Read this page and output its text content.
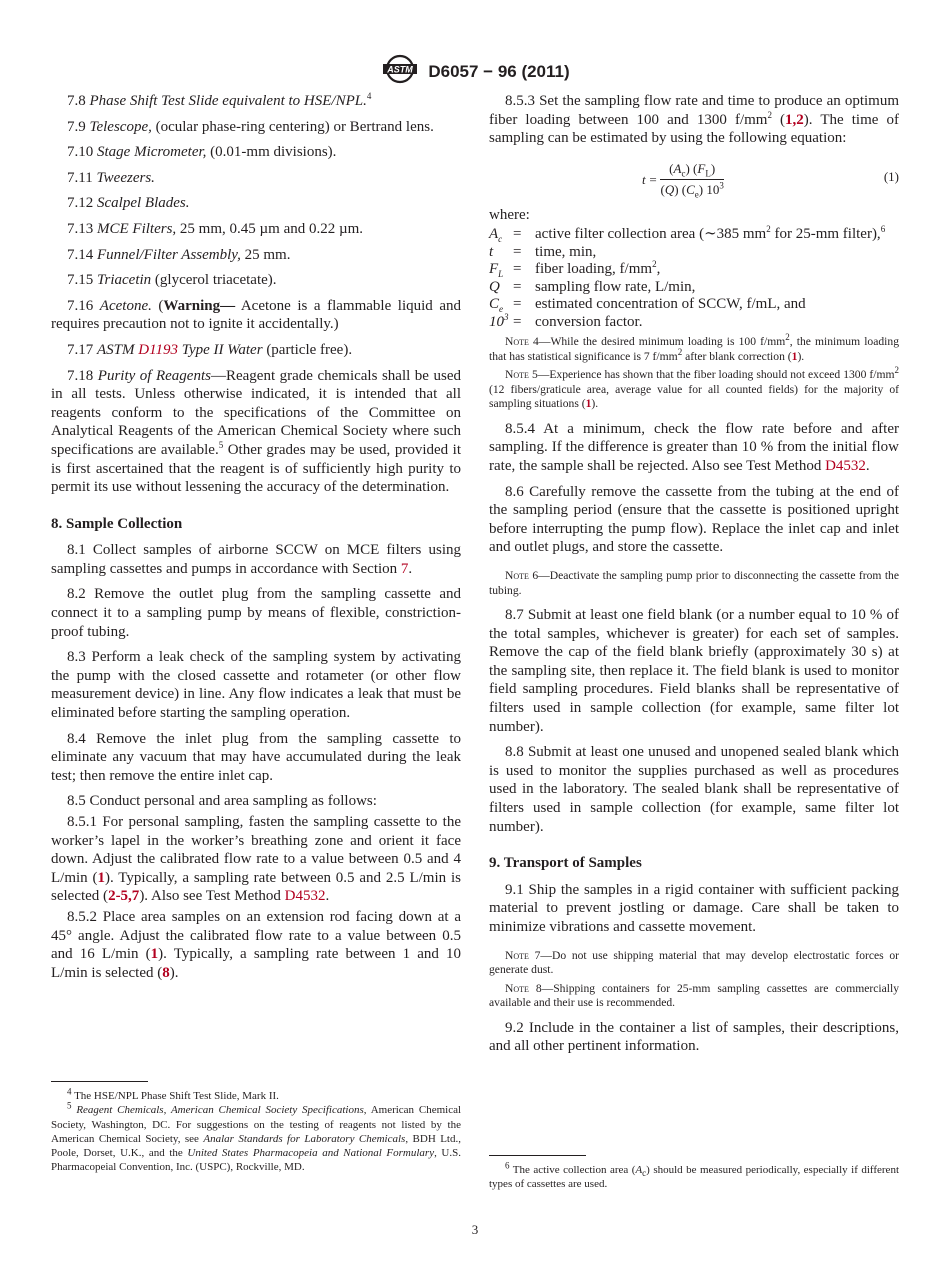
ASTM D6057 − 96 (2011)

7.8 Phase Shift Test Slide equivalent to HSE/NPL.$^4$

7.9 Telescope, (ocular phase-ring centering) or Bertrand lens.

7.10 Stage Micrometer, (0.01-mm divisions).

7.11 Tweezers.

7.12 Scalpel Blades.

7.13 MCE Filters, 25 mm, 0.45 µm and 0.22 µm.

7.14 Funnel/Filter Assembly, 25 mm.

7.15 Triacetin (glycerol triacetate).

7.16 Acetone. (Warning— Acetone is a flammable liquid and requires precaution not to ignite it accidentally.)

7.17 ASTM D1193 Type II Water (particle free).

7.18 Purity of Reagents—Reagent grade chemicals shall be used in all tests. Unless otherwise indicated, it is intended that all reagents conform to the specifications of the Committee on Analytical Reagents of the American Chemical Society where such specifications are available.$^5$ Other grades may be used, provided it is first ascertained that the reagent is of sufficiently high purity to permit its use without lessening the accuracy of the determination.

8. Sample Collection

8.1 Collect samples of airborne SCCW on MCE filters using sampling cassettes and pumps in accordance with Section 7.

8.2 Remove the outlet plug from the sampling cassette and connect it to a sampling pump by means of flexible, constriction-proof tubing.

8.3 Perform a leak check of the sampling system by activating the pump with the closed cassette and rotameter (or other flow measurement device) in line. Any flow indicates a leak that must be eliminated before starting the sampling operation.

8.4 Remove the inlet plug from the sampling cassette to eliminate any vacuum that may have accumulated during the leak test; then remove the entire inlet cap.

8.5 Conduct personal and area sampling as follows:

8.5.1 For personal sampling, fasten the sampling cassette to the worker’s lapel in the worker’s breathing zone and orient it face down. Adjust the calibrated flow rate to a value between 0.5 and 4 L/min (1). Typically, a sampling rate between 0.5 and 2.5 L/min is selected (2-5,7). Also see Test Method D4532.

8.5.2 Place area samples on an extension rod facing down at a 45° angle. Adjust the calibrated flow rate to a value between 0.5 and 16 L/min (1). Typically, a sampling rate between 1 and 10 L/min is selected (8).

$^4$ The HSE/NPL Phase Shift Test Slide, Mark II.

$^5$ Reagent Chemicals, American Chemical Society Specifications, American Chemical Society, Washington, DC. For suggestions on the testing of reagents not listed by the American Chemical Society, see Analar Standards for Laboratory Chemicals, BDH Ltd., Poole, Dorset, U.K., and the United States Pharmacopeia and National Formulary, U.S. Pharmacopeial Convention, Inc. (USPC), Rockville, MD.

8.5.3 Set the sampling flow rate and time to produce an optimum fiber loading between 100 and 1300 $f/mm^2$ (1,2). The time of sampling can be estimated by using the following equation:

$t = \frac{(A_c) (F_L)}{(Q) (C_e) 10^3}$	(1)

where:

$A_c$ = active filter collection area (∼385 $mm^2$ for 25-mm filter),$^6$
t	= time, min,
$F_L$ = fiber loading, $f/mm^2$,
Q = sampling flow rate, L/min,
$C_e$ = estimated concentration of SCCW, f/mL, and
$10^3$ = conversion factor.

Note 4—While the desired minimum loading is 100 $f/mm^2$, the minimum loading that has statistical significance is 7 $f/mm^2$ after blank correction (1).

Note 5—Experience has shown that the fiber loading should not exceed 1300 $f/mm^2$ (12 fibers/graticule area, average value for all counted fields) for the majority of sampling situations (1).

8.5.4 At a minimum, check the flow rate before and after sampling. If the difference is greater than 10 % from the initial flow rate, the sample shall be rejected. Also see Test Method D4532.

8.6 Carefully remove the cassette from the tubing at the end of the sampling period (ensure that the cassette is positioned upright before interrupting the pump flow). Replace the inlet cap and inlet and outlet plugs, and store the cassette.

Note 6—Deactivate the sampling pump prior to disconnecting the cassette from the tubing.

8.7 Submit at least one field blank (or a number equal to 10 % of the total samples, whichever is greater) for each set of samples. Remove the cap of the field blank briefly (approximately 30 s) at the sampling site, then replace it. The field blank is used to monitor field sampling procedures. Field blanks shall be representative of filters used in sample collection (for example, same filter lot number).

8.8 Submit at least one unused and unopened sealed blank which is used to monitor the supplies purchased as well as procedures used in the laboratory. The sealed blank shall be representative of filters used in sample collection (for example, same filter lot number).

9. Transport of Samples

9.1 Ship the samples in a rigid container with sufficient packing material to prevent jostling or damage. Care shall be taken to minimize vibrations and cassette movement.

Note 7—Do not use shipping material that may develop electrostatic forces or generate dust.

Note 8—Shipping containers for 25-mm sampling cassettes are commercially available and their use is recommended.

9.2 Include in the container a list of samples, their descriptions, and all other pertinent information.

$^6$ The active collection area $(A_c)$ should be measured periodically, especially if different types of cassettes are used.

3
